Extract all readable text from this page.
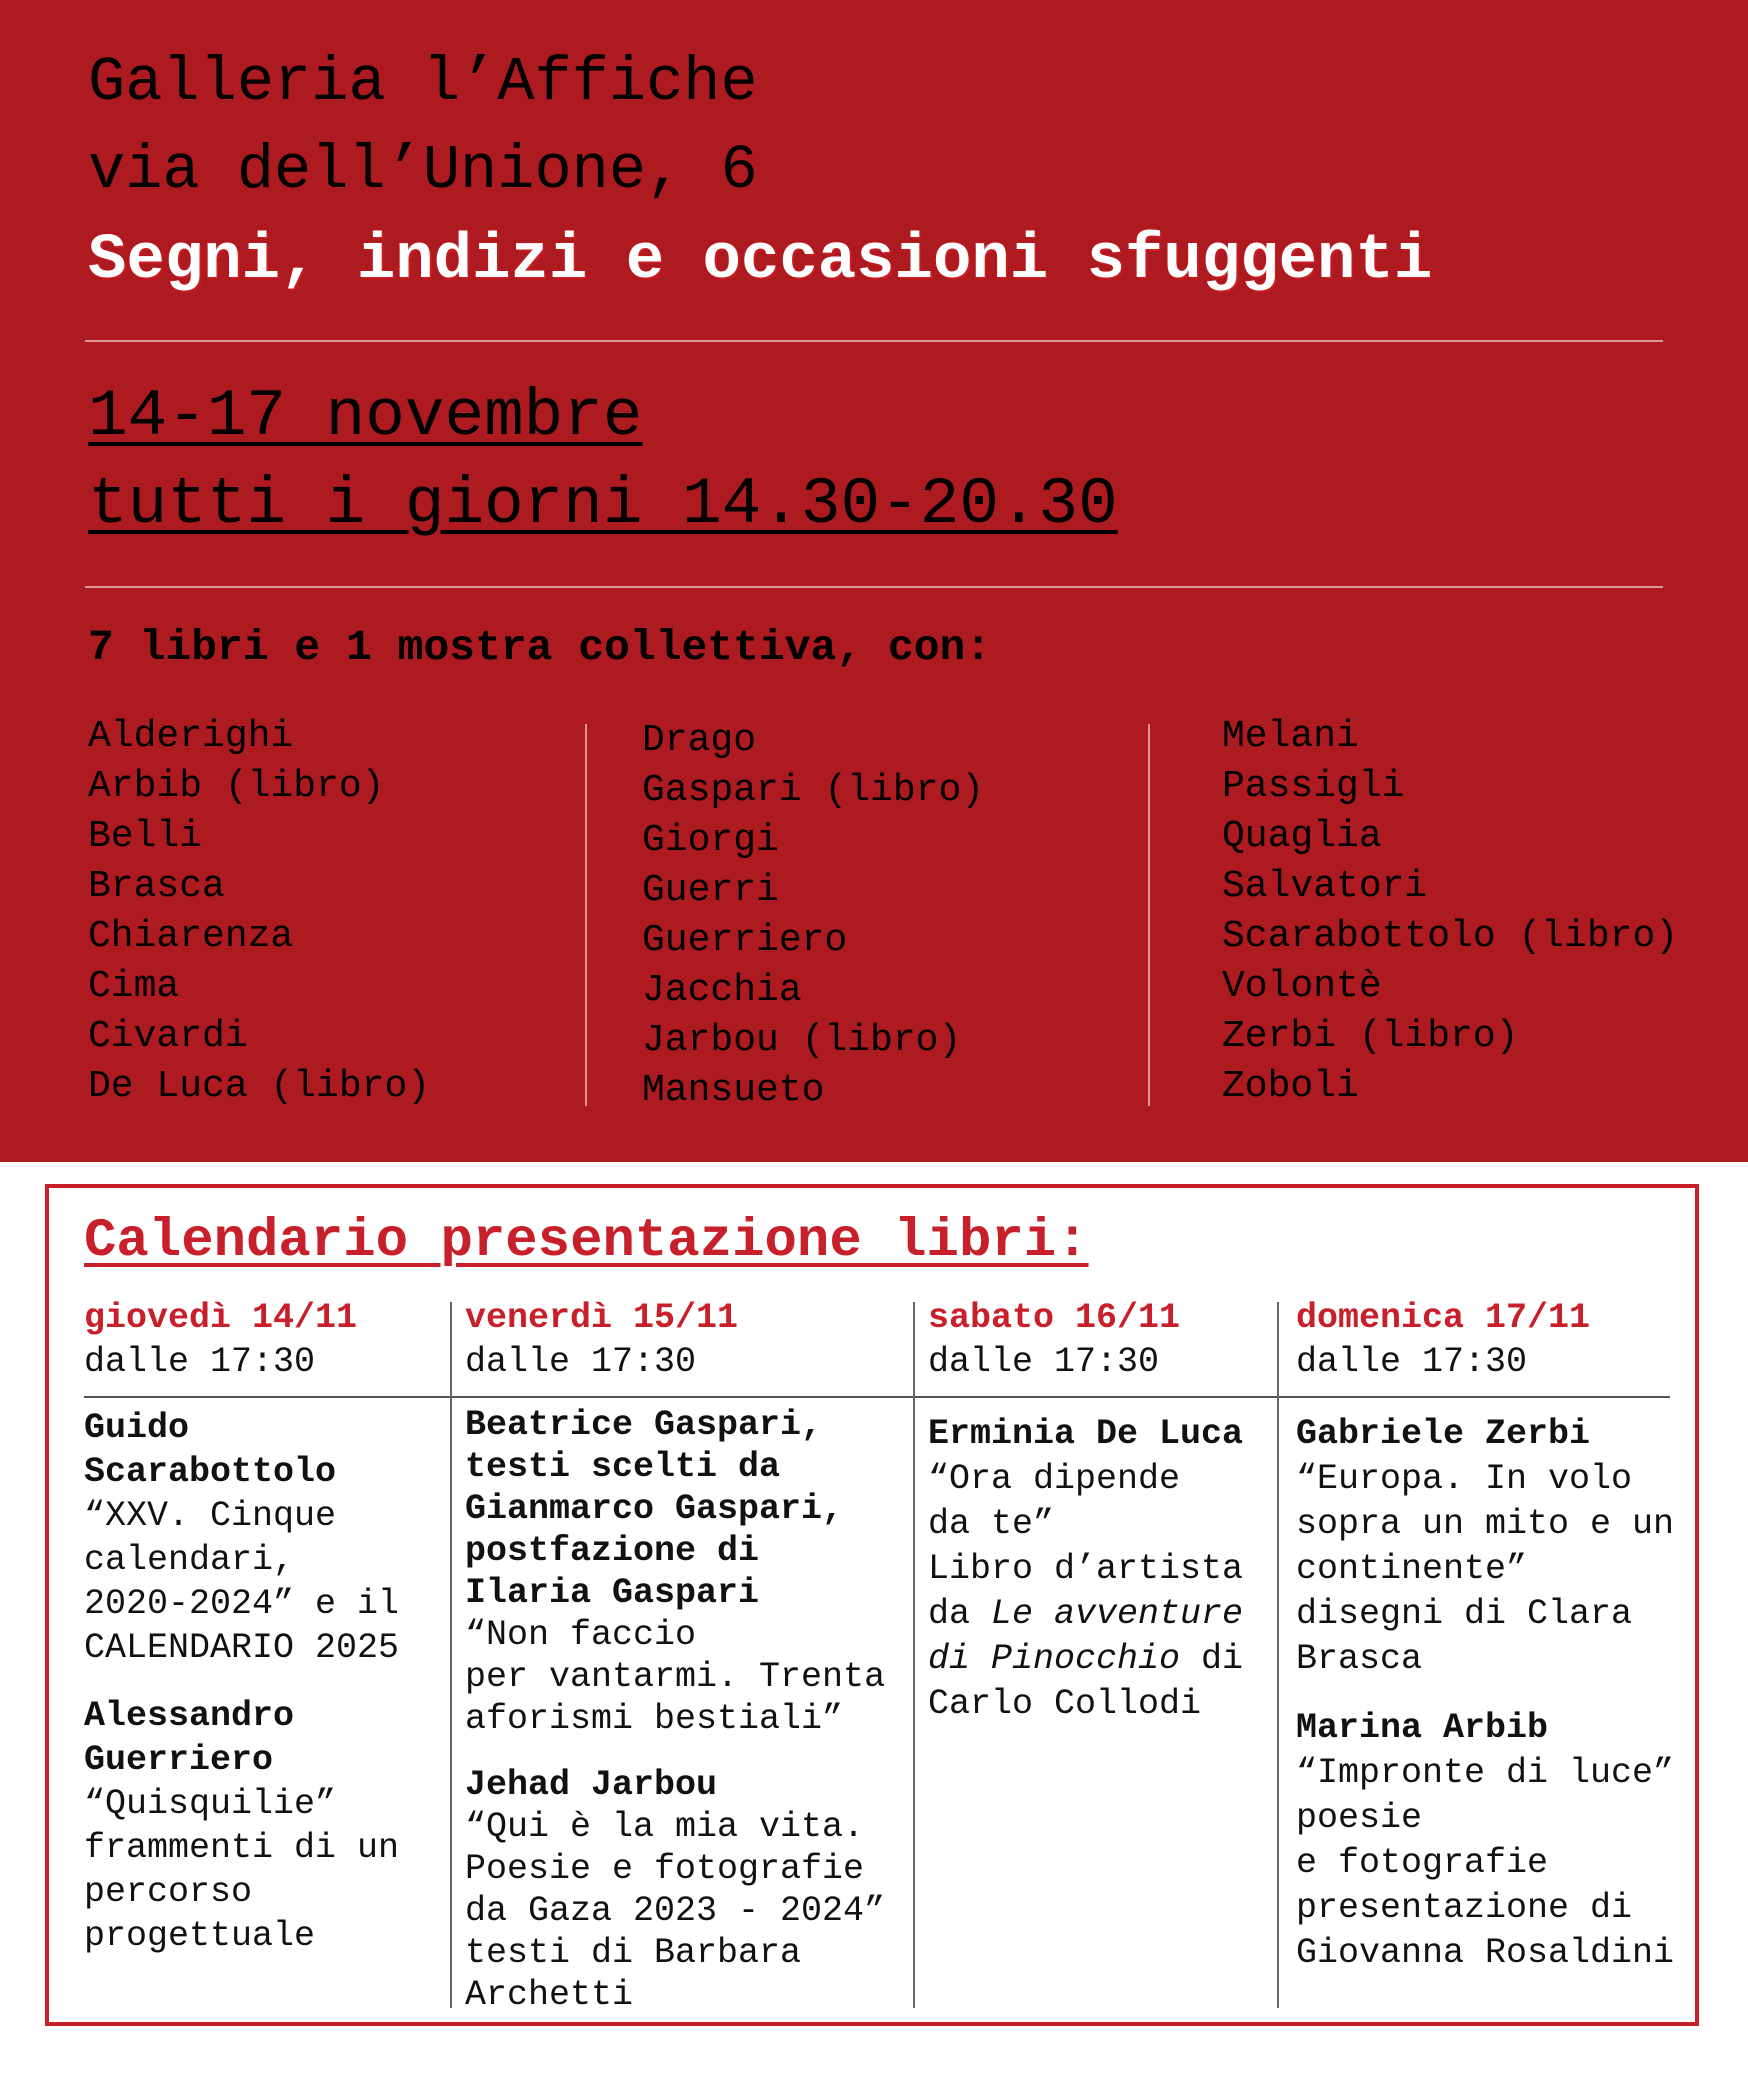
Galleria l’Affiche

via dell’Unione, 6

Segni, indizi e occasioni sfuggenti

14-17 novembre

tutti i giorni 14.30-20.30

7 libri e 1 mostra collettiva, con:

Alderighi
Arbib (libro)
Belli
Brasca
Chiarenza
Cima
Civardi
De Luca (libro)
Drago
Gaspari (libro)
Giorgi
Guerri
Guerriero
Jacchia
Jarbou (libro)
Mansueto
Melani
Passigli
Quaglia
Salvatori
Scarabottolo (libro)
Volontè
Zerbi (libro)
Zoboli

Calendario presentazione libri:

giovedì 14/11
dalle 17:30
venerdì 15/11
dalle 17:30
sabato 16/11
dalle 17:30
domenica 17/11
dalle 17:30

Guido

Scarabottolo

“XXV. Cinque

calendari,

2020-2024” e il

CALENDARIO 2025

Alessandro

Guerriero

“Quisquilie”

frammenti di un

percorso

progettuale

Beatrice Gaspari,

testi scelti da

Gianmarco Gaspari,

postfazione di

Ilaria Gaspari

“Non faccio

per vantarmi. Trenta

aforismi bestiali”

Jehad Jarbou

“Qui è la mia vita.

Poesie e fotografie

da Gaza 2023 - 2024”

testi di Barbara

Archetti

Erminia De Luca

“Ora dipende

da te”

Libro d’artista

da Le avventure

di Pinocchio di

Carlo Collodi

Gabriele Zerbi

“Europa. In volo

sopra un mito e un

continente”

disegni di Clara

Brasca

Marina Arbib

“Impronte di luce”

poesie

e fotografie

presentazione di

Giovanna Rosaldini
